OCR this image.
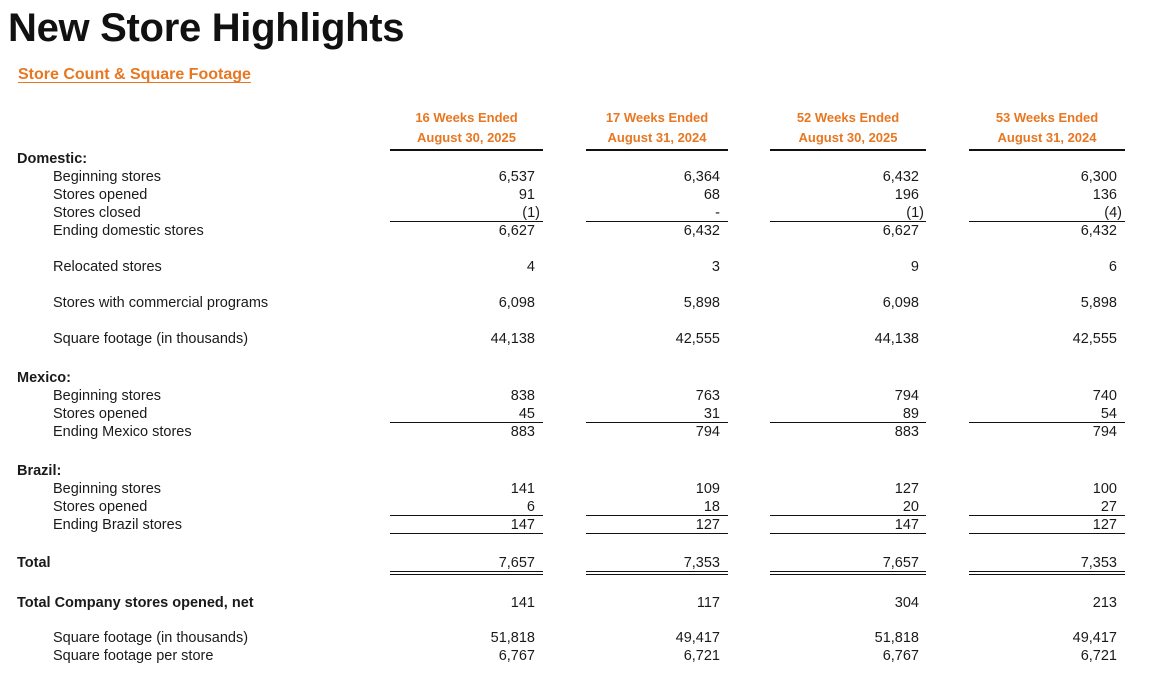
New Store Highlights
Store Count & Square Footage
16 Weeks Ended
August 30, 2025
17 Weeks Ended
August 31, 2024
52 Weeks Ended
August 30, 2025
53 Weeks Ended
August 31, 2024
Domestic:
Beginning stores	6,537	6,364	6,432	6,300
Stores opened	91	68	196	136
Stores closed	(1)	-	(1)	(4)
Ending domestic stores	6,627	6,432	6,627	6,432
Relocated stores	4	3	9	6
Stores with commercial programs	6,098	5,898	6,098	5,898
Square footage (in thousands)	44,138	42,555	44,138	42,555
Mexico:
Beginning stores	838	763	794	740
Stores opened	45	31	89	54
Ending Mexico stores	883	794	883	794
Brazil:
Beginning stores	141	109	127	100
Stores opened	6	18	20	27
Ending Brazil stores	147	127	147	127
Total	7,657	7,353	7,657	7,353
Total Company stores opened, net	141	117	304	213
Square footage (in thousands)	51,818	49,417	51,818	49,417
Square footage per store	6,767	6,721	6,767	6,721
